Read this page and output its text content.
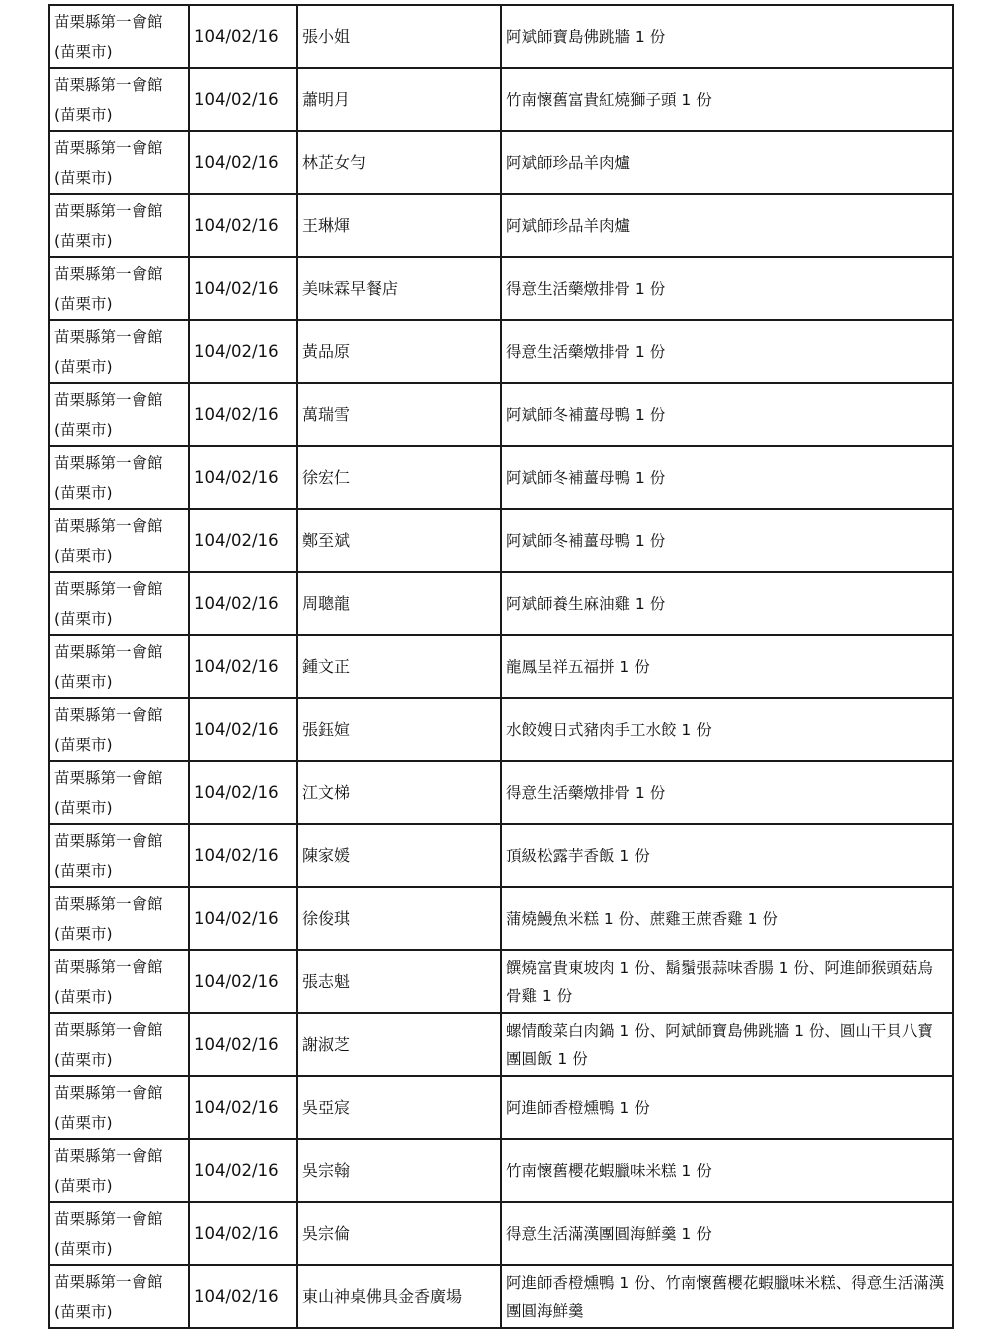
苗栗縣第一會館
(苗栗市)	104/02/16	張小姐	阿斌師寶島佛跳牆 1 份

苗栗縣第一會館
(苗栗市)	104/02/16	蕭明月	竹南懷舊富貴紅燒獅子頭 1 份

苗栗縣第一會館
(苗栗市)	104/02/16	林芷女勻	阿斌師珍品羊肉爐

苗栗縣第一會館
(苗栗市)	104/02/16	王琳煇	阿斌師珍品羊肉爐

苗栗縣第一會館
(苗栗市)	104/02/16	美味霖早餐店	得意生活藥燉排骨 1 份

苗栗縣第一會館
(苗栗市)	104/02/16	黃品原	得意生活藥燉排骨 1 份

苗栗縣第一會館
(苗栗市)	104/02/16	萬瑞雪	阿斌師冬補薑母鴨 1 份

苗栗縣第一會館
(苗栗市)	104/02/16	徐宏仁	阿斌師冬補薑母鴨 1 份

苗栗縣第一會館
(苗栗市)	104/02/16	鄭至斌	阿斌師冬補薑母鴨 1 份

苗栗縣第一會館
(苗栗市)	104/02/16	周聰龍	阿斌師養生麻油雞 1 份

苗栗縣第一會館
(苗栗市)	104/02/16	鍾文正	龍鳳呈祥五福拼 1 份

苗栗縣第一會館
(苗栗市)	104/02/16	張鈺媗	水餃嫂日式豬肉手工水餃 1 份

苗栗縣第一會館
(苗栗市)	104/02/16	江文梯	得意生活藥燉排骨 1 份

苗栗縣第一會館
(苗栗市)	104/02/16	陳家媛	頂級松露芋香飯 1 份

苗栗縣第一會館
(苗栗市)	104/02/16	徐俊琪	蒲燒鰻魚米糕 1 份、蔗雞王蔗香雞 1 份

苗栗縣第一會館
(苗栗市)	104/02/16	張志魁	饌燒富貴東坡肉 1 份、鬍鬚張蒜味香腸 1 份、阿進師猴頭菇烏骨雞 1 份

苗栗縣第一會館
(苗栗市)	104/02/16	謝淑芝	螺情酸菜白肉鍋 1 份、阿斌師寶島佛跳牆 1 份、圓山干貝八寶團圓飯 1 份

苗栗縣第一會館
(苗栗市)	104/02/16	吳亞宸	阿進師香橙燻鴨 1 份

苗栗縣第一會館
(苗栗市)	104/02/16	吳宗翰	竹南懷舊櫻花蝦臘味米糕 1 份

苗栗縣第一會館
(苗栗市)	104/02/16	吳宗倫	得意生活滿漢團圓海鮮羹 1 份

苗栗縣第一會館
(苗栗市)	104/02/16	東山神桌佛具金香廣場	阿進師香橙燻鴨 1 份、竹南懷舊櫻花蝦臘味米糕、得意生活滿漢團圓海鮮羹
